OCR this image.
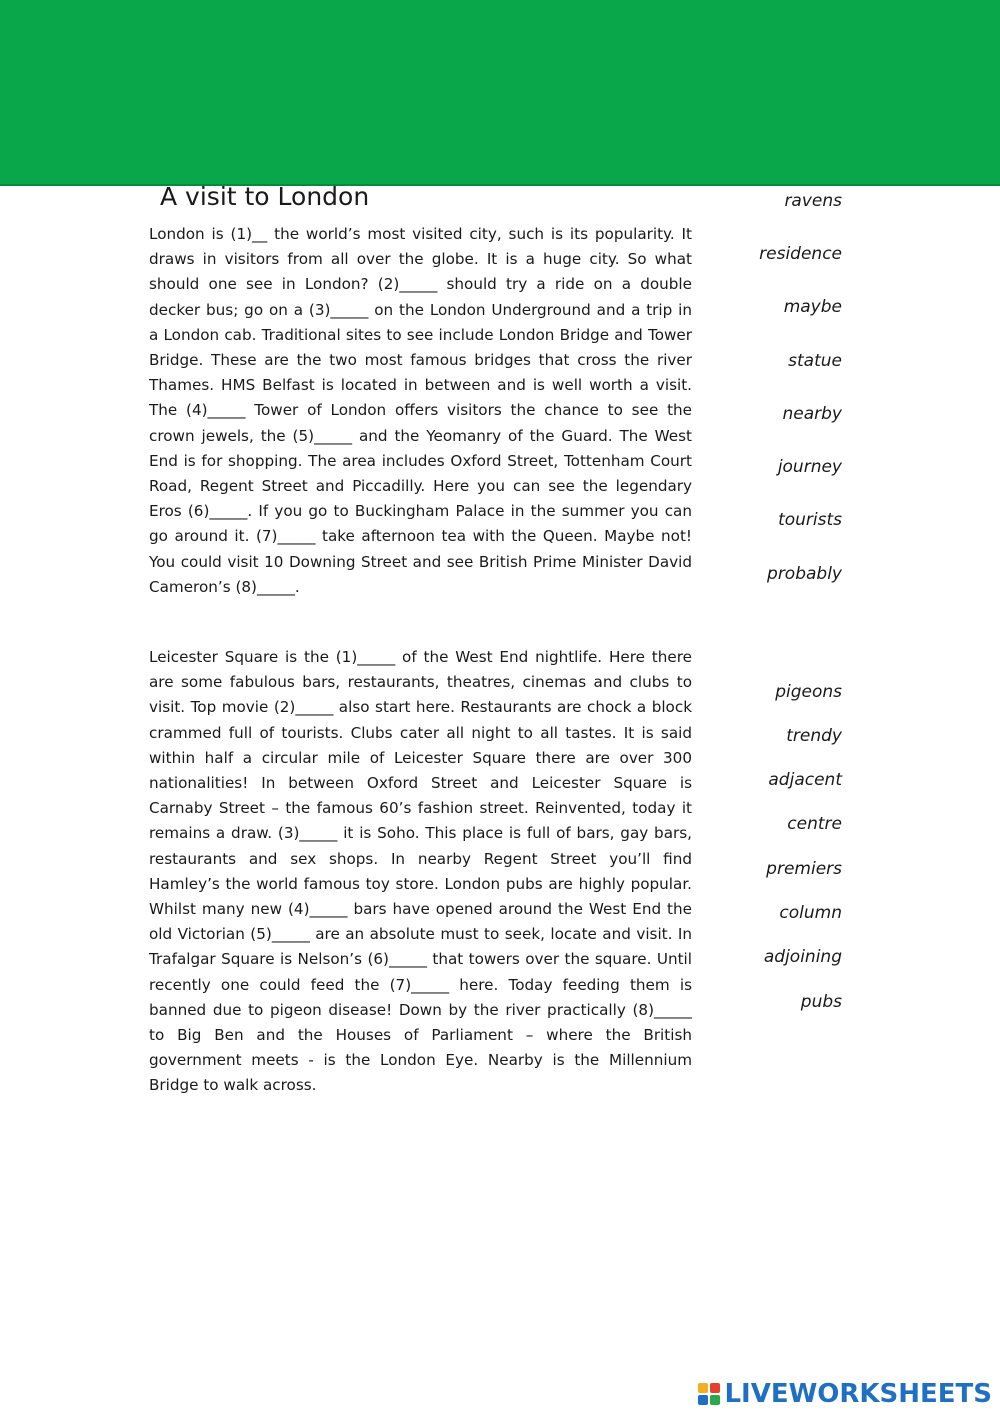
A visit to London

London is (1)__ the world’s most visited city, such is its popularity. It draws in visitors from all over the globe. It is a huge city. So what should one see in London? (2)_____ should try a ride on a double decker bus; go on a (3)_____ on the London Underground and a trip in a London cab. Traditional sites to see include London Bridge and Tower Bridge. These are the two most famous bridges that cross the river Thames. HMS Belfast is located in between and is well worth a visit. The (4)_____ Tower of London offers visitors the chance to see the crown jewels, the (5)_____ and the Yeomanry of the Guard. The West End is for shopping. The area includes Oxford Street, Tottenham Court Road, Regent Street and Piccadilly. Here you can see the legendary Eros (6)_____. If you go to Buckingham Palace in the summer you can go around it. (7)_____ take afternoon tea with the Queen. Maybe not! You could visit 10 Downing Street and see British Prime Minister David Cameron’s (8)_____.

Leicester Square is the (1)_____ of the West End nightlife. Here there are some fabulous bars, restaurants, theatres, cinemas and clubs to visit. Top movie (2)_____ also start here. Restaurants are chock a block crammed full of tourists. Clubs cater all night to all tastes. It is said within half a circular mile of Leicester Square there are over 300 nationalities! In between Oxford Street and Leicester Square is Carnaby Street – the famous 60’s fashion street. Reinvented, today it remains a draw. (3)_____ it is Soho. This place is full of bars, gay bars, restaurants and sex shops. In nearby Regent Street you’ll find Hamley’s the world famous toy store. London pubs are highly popular. Whilst many new (4)_____ bars have opened around the West End the old Victorian (5)_____ are an absolute must to seek, locate and visit. In Trafalgar Square is Nelson’s (6)_____ that towers over the square. Until recently one could feed the (7)_____ here. Today feeding them is banned due to pigeon disease! Down by the river practically (8)_____ to Big Ben and the Houses of Parliament – where the British government meets - is the London Eye. Nearby is the Millennium Bridge to walk across.

ravens
residence
maybe
statue
nearby
journey
tourists
probably
pigeons
trendy
adjacent
centre
premiers
column
adjoining
pubs
LIVEWORKSHEETS
